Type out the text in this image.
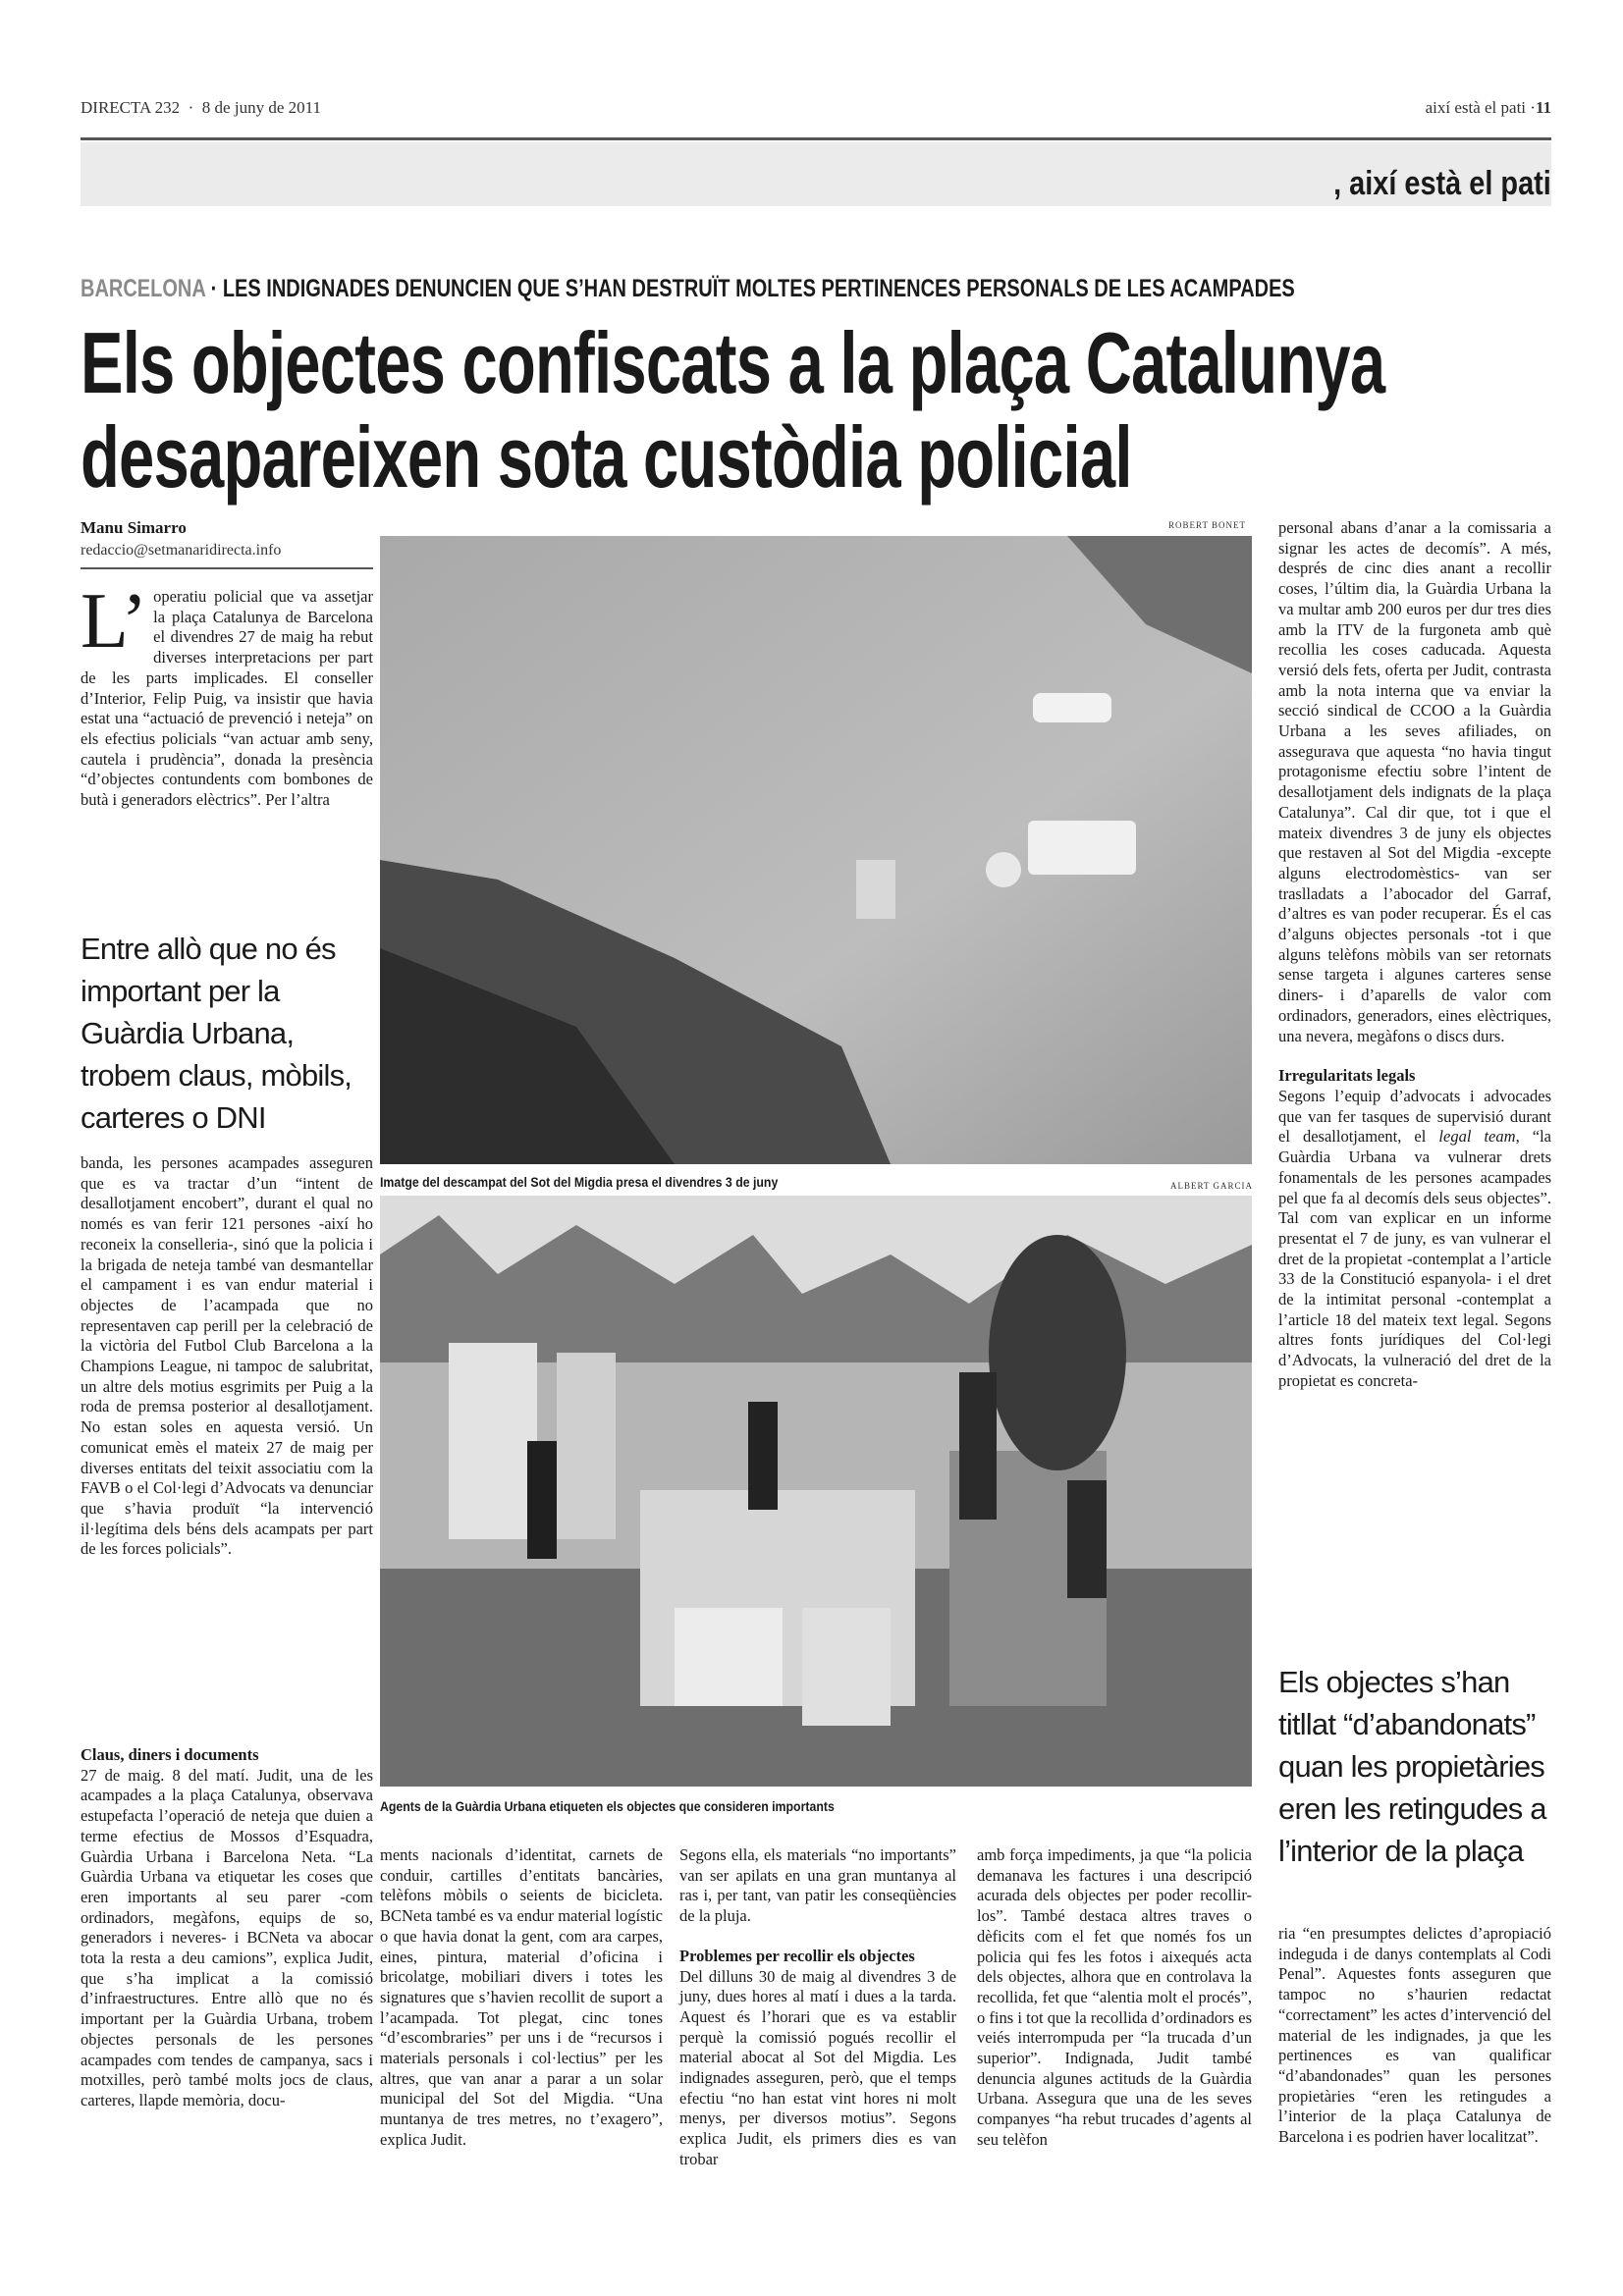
DIRECTA 232 · 8 de juny de 2011	així està el pati ·11
, així està el pati
BARCELONA · LES INDIGNADES DENUNCIEN QUE S’HAN DESTRUÏT MOLTES PERTINENCES PERSONALS DE LES ACAMPADES
Els objectes confiscats a la plaça Catalunya
desapareixen sota custòdia policial
Manu Simarro
redaccio@setmanaridirecta.info
L’ operatiu policial que va assetjar la plaça Catalunya de Barcelona el divendres 27 de maig ha rebut diverses interpretacions per part de les parts implicades. El conseller d’Interior, Felip Puig, va insistir que havia estat una “actuació de prevenció i neteja” on els efectius policials “van actuar amb seny, cautela i prudència”, donada la presència “d’objectes contundents com bombones de butà i generadors elèctrics”. Per l’altra
Entre allò que no és important per la Guàrdia Urbana, trobem claus, mòbils, carteres o DNI
banda, les persones acampades asseguren que es va tractar d’un “intent de desallotjament encobert”, durant el qual no només es van ferir 121 persones -així ho reconeix la conselleria-, sinó que la policia i la brigada de neteja també van desmantellar el campament i es van endur material i objectes de l’acampada que no representaven cap perill per la celebració de la victòria del Futbol Club Barcelona a la Champions League, ni tampoc de salubritat, un altre dels motius esgrimits per Puig a la roda de premsa posterior al desallotjament. No estan soles en aquesta versió. Un comunicat emès el mateix 27 de maig per diverses entitats del teixit associatiu com la FAVB o el Col·legi d’Advocats va denunciar que s’havia produït “la intervenció il·legítima dels béns dels acampats per part de les forces policials”.

Claus, diners i documents

27 de maig. 8 del matí. Judit, una de les acampades a la plaça Catalunya, observava estupefacta l’operació de neteja que duien a terme efectius de Mossos d’Esquadra, Guàrdia Urbana i Barcelona Neta. “La Guàrdia Urbana va etiquetar les coses que eren importants al seu parer -com ordinadors, megàfons, equips de so, generadors i neveres- i BCNeta va abocar tota la resta a deu camions”, explica Judit, que s’ha implicat a la comissió d’infraestructures. Entre allò que no és important per la Guàrdia Urbana, trobem objectes personals de les persones acampades com tendes de campanya, sacs i motxilles, però també molts jocs de claus, carteres, llapde memòria, docu-

ROBERT BONET
Imatge del descampat del Sot del Migdia presa el divendres 3 de juny	ALBERT GARCIA
Agents de la Guàrdia Urbana etiqueten els objectes que consideren importants
ments nacionals d’identitat, carnets de conduir, cartilles d’entitats bancàries, telèfons mòbils o seients de bicicleta. BCNeta també es va endur material logístic o que havia donat la gent, com ara carpes, eines, pintura, material d’oficina i bricolatge, mobiliari divers i totes les signatures que s’havien recollit de suport a l’acampada. Tot plegat, cinc tones “d’escombraries” per uns i de “recursos i materials personals i col·lectius” per les altres, que van anar a parar a un solar municipal del Sot del Migdia. “Una muntanya de tres metres, no t’exagero”, explica Judit.

Segons ella, els materials “no importants” van ser apilats en una gran muntanya al ras i, per tant, van patir les conseqüències de la pluja.

Problemes per recollir els objectes

Del dilluns 30 de maig al divendres 3 de juny, dues hores al matí i dues a la tarda. Aquest és l’horari que es va establir perquè la comissió pogués recollir el material abocat al Sot del Migdia. Les indignades asseguren, però, que el temps efectiu “no han estat vint hores ni molt menys, per diversos motius”. Segons explica Judit, els primers dies es van trobar

amb força impediments, ja que “la policia demanava les factures i una descripció acurada dels objectes per poder recollir-los”. També destaca altres traves o dèficits com el fet que només fos un policia qui fes les fotos i aixequés acta dels objectes, alhora que en controlava la recollida, fet que “alentia molt el procés”, o fins i tot que la recollida d’ordinadors es veiés interrompuda per “la trucada d’un superior”. Indignada, Judit també denuncia algunes actituds de la Guàrdia Urbana. Assegura que una de les seves companyes “ha rebut trucades d’agents al seu telèfon

personal abans d’anar a la comissaria a signar les actes de decomís”. A més, després de cinc dies anant a recollir coses, l’últim dia, la Guàrdia Urbana la va multar amb 200 euros per dur tres dies amb la ITV de la furgoneta amb què recollia les coses caducada. Aquesta versió dels fets, oferta per Judit, contrasta amb la nota interna que va enviar la secció sindical de CCOO a la Guàrdia Urbana a les seves afiliades, on assegurava que aquesta “no havia tingut protagonisme efectiu sobre l’intent de desallotjament dels indignats de la plaça Catalunya”. Cal dir que, tot i que el mateix divendres 3 de juny els objectes que restaven al Sot del Migdia -excepte alguns electrodomèstics- van ser traslladats a l’abocador del Garraf, d’altres es van poder recuperar. És el cas d’alguns objectes personals -tot i que alguns telèfons mòbils van ser retornats sense targeta i algunes carteres sense diners- i d’aparells de valor com ordinadors, generadors, eines elèctriques, una nevera, megàfons o discs durs.

Irregularitats legals

Segons l’equip d’advocats i advocades que van fer tasques de supervisió durant el desallotjament, el legal team, “la Guàrdia Urbana va vulnerar drets fonamentals de les persones acampades pel que fa al decomís dels seus objectes”. Tal com van explicar en un informe presentat el 7 de juny, es van vulnerar el dret de la propietat -contemplat a l’article 33 de la Constitució espanyola- i el dret de la intimitat personal -contemplat a l’article 18 del mateix text legal. Segons altres fonts jurídiques del Col·legi d’Advocats, la vulneració del dret de la propietat es concreta-

Els objectes s’han titllat “d’abandonats” quan les propietàries eren les retingudes a l’interior de la plaça
ria “en presumptes delictes d’apropiació indeguda i de danys contemplats al Codi Penal”. Aquestes fonts asseguren que tampoc no s’haurien redactat “correctament” les actes d’intervenció del material de les indignades, ja que les pertinences es van qualificar “d’abandonades” quan les persones propietàries “eren les retingudes a l’interior de la plaça Catalunya de Barcelona i es podrien haver localitzat”.
